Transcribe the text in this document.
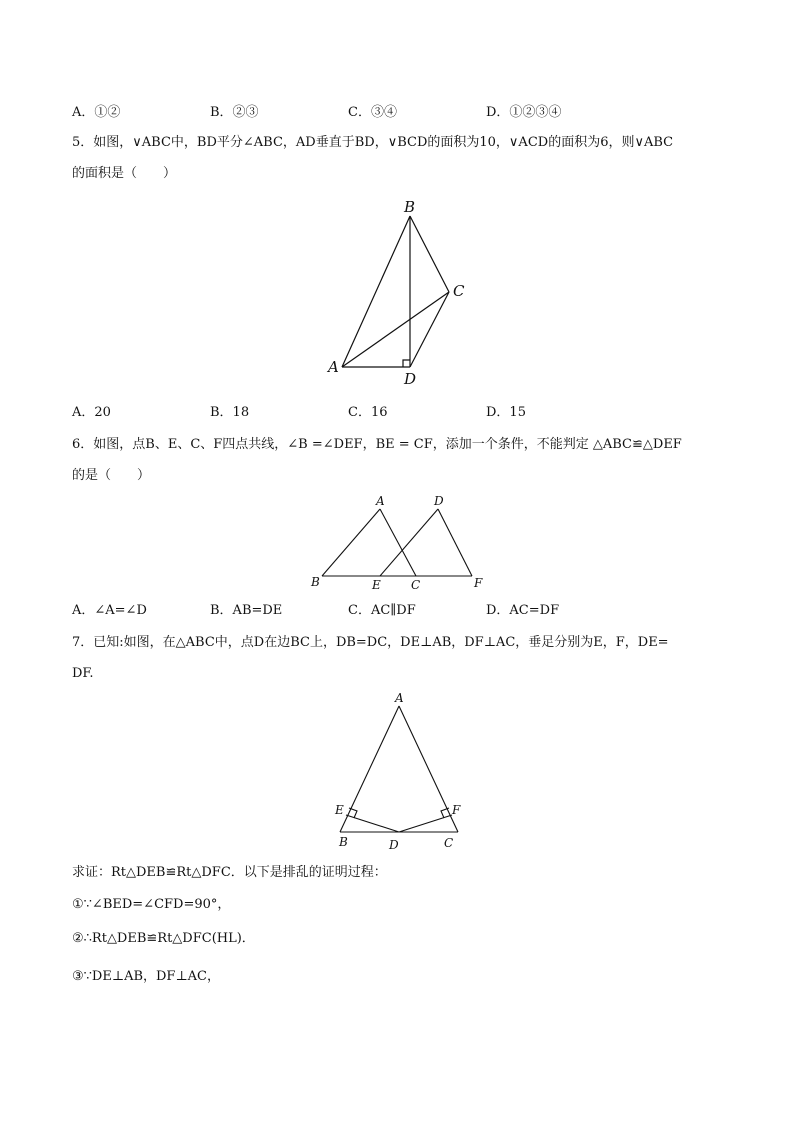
A．①②	B．②③	C．③④	D．①②③④
5．如图，∨ABC中，BD平分∠ABC，AD垂直于BD，∨BCD的面积为10，∨ACD的面积为6，则∨ABC
的面积是（　　）
B
C
A
D
A．20	B．18	C．16	D．15
6．如图，点B、E、C、F四点共线，∠B =∠DEF，BE = CF，添加一个条件，不能判定 △ABC≌△DEF
的是（　　）
A	D
B	E	C	F
A．∠A=∠D	B．AB=DE	C．AC∥DF	D．AC=DF
7．已知:如图，在△ABC中，点D在边BC上，DB=DC，DE⊥AB，DF⊥AC，垂足分别为E，F，DE=
DF.
A
E	F
B	D	C
求证：Rt△DEB≌Rt△DFC．以下是排乱的证明过程：
①∵∠BED=∠CFD=90°，
②∴Rt△DEB≌Rt△DFC(HL)．
③∵DE⊥AB，DF⊥AC，
